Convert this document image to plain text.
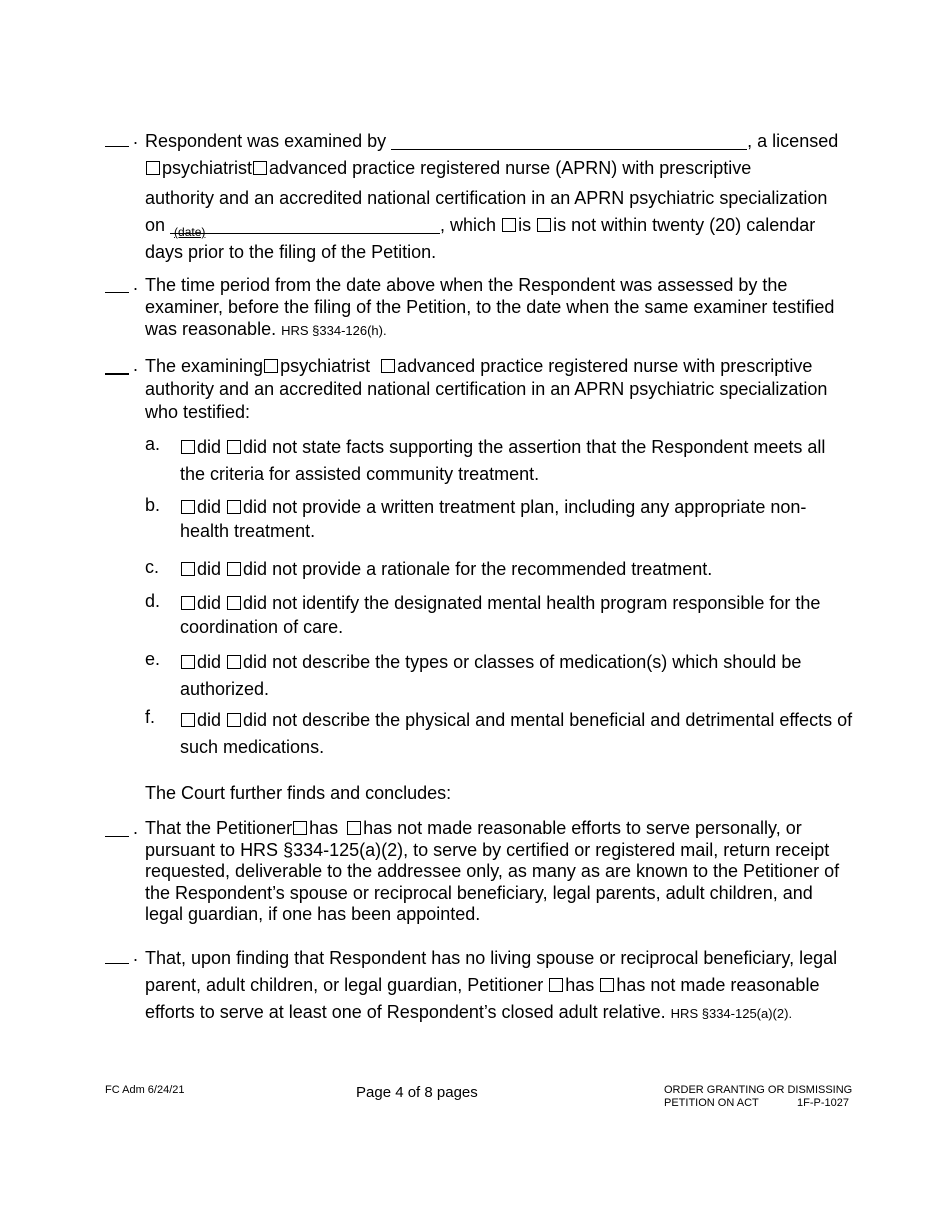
. Respondent was examined by	, a licensed
psychiatrist advanced practice registered nurse (APRN) with prescriptive
authority and an accredited national certification in an APRN psychiatric specialization
on (date)	, which is is not within twenty (20) calendar
days prior to the filing of the Petition.
. The time period from the date above when the Respondent was assessed by the examiner, before the filing of the Petition, to the date when the same examiner testified was reasonable. HRS §334-126(h).
. The examining psychiatrist advanced practice registered nurse with prescriptive authority and an accredited national certification in an APRN psychiatric specialization who testified:
a.	did did not state facts supporting the assertion that the Respondent meets all the criteria for assisted community treatment.
b.	did did not provide a written treatment plan, including any appropriate non-health treatment.
c.	did did not provide a rationale for the recommended treatment.
d.	did did not identify the designated mental health program responsible for the coordination of care.
e.	did did not describe the types or classes of medication(s) which should be authorized.
f.	did did not describe the physical and mental beneficial and detrimental effects of such medications.
The Court further finds and concludes:
. That the Petitioner has has not made reasonable efforts to serve personally, or pursuant to HRS §334-125(a)(2), to serve by certified or registered mail, return receipt requested, deliverable to the addressee only, as many as are known to the Petitioner of the Respondent’s spouse or reciprocal beneficiary, legal parents, adult children, and legal guardian, if one has been appointed.
. That, upon finding that Respondent has no living spouse or reciprocal beneficiary, legal parent, adult children, or legal guardian, Petitioner has has not made reasonable efforts to serve at least one of Respondent’s closed adult relative. HRS §334-125(a)(2).
FC Adm 6/24/21	Page 4 of 8 pages	ORDER GRANTING OR DISMISSING
PETITION ON ACT	1F-P-1027
